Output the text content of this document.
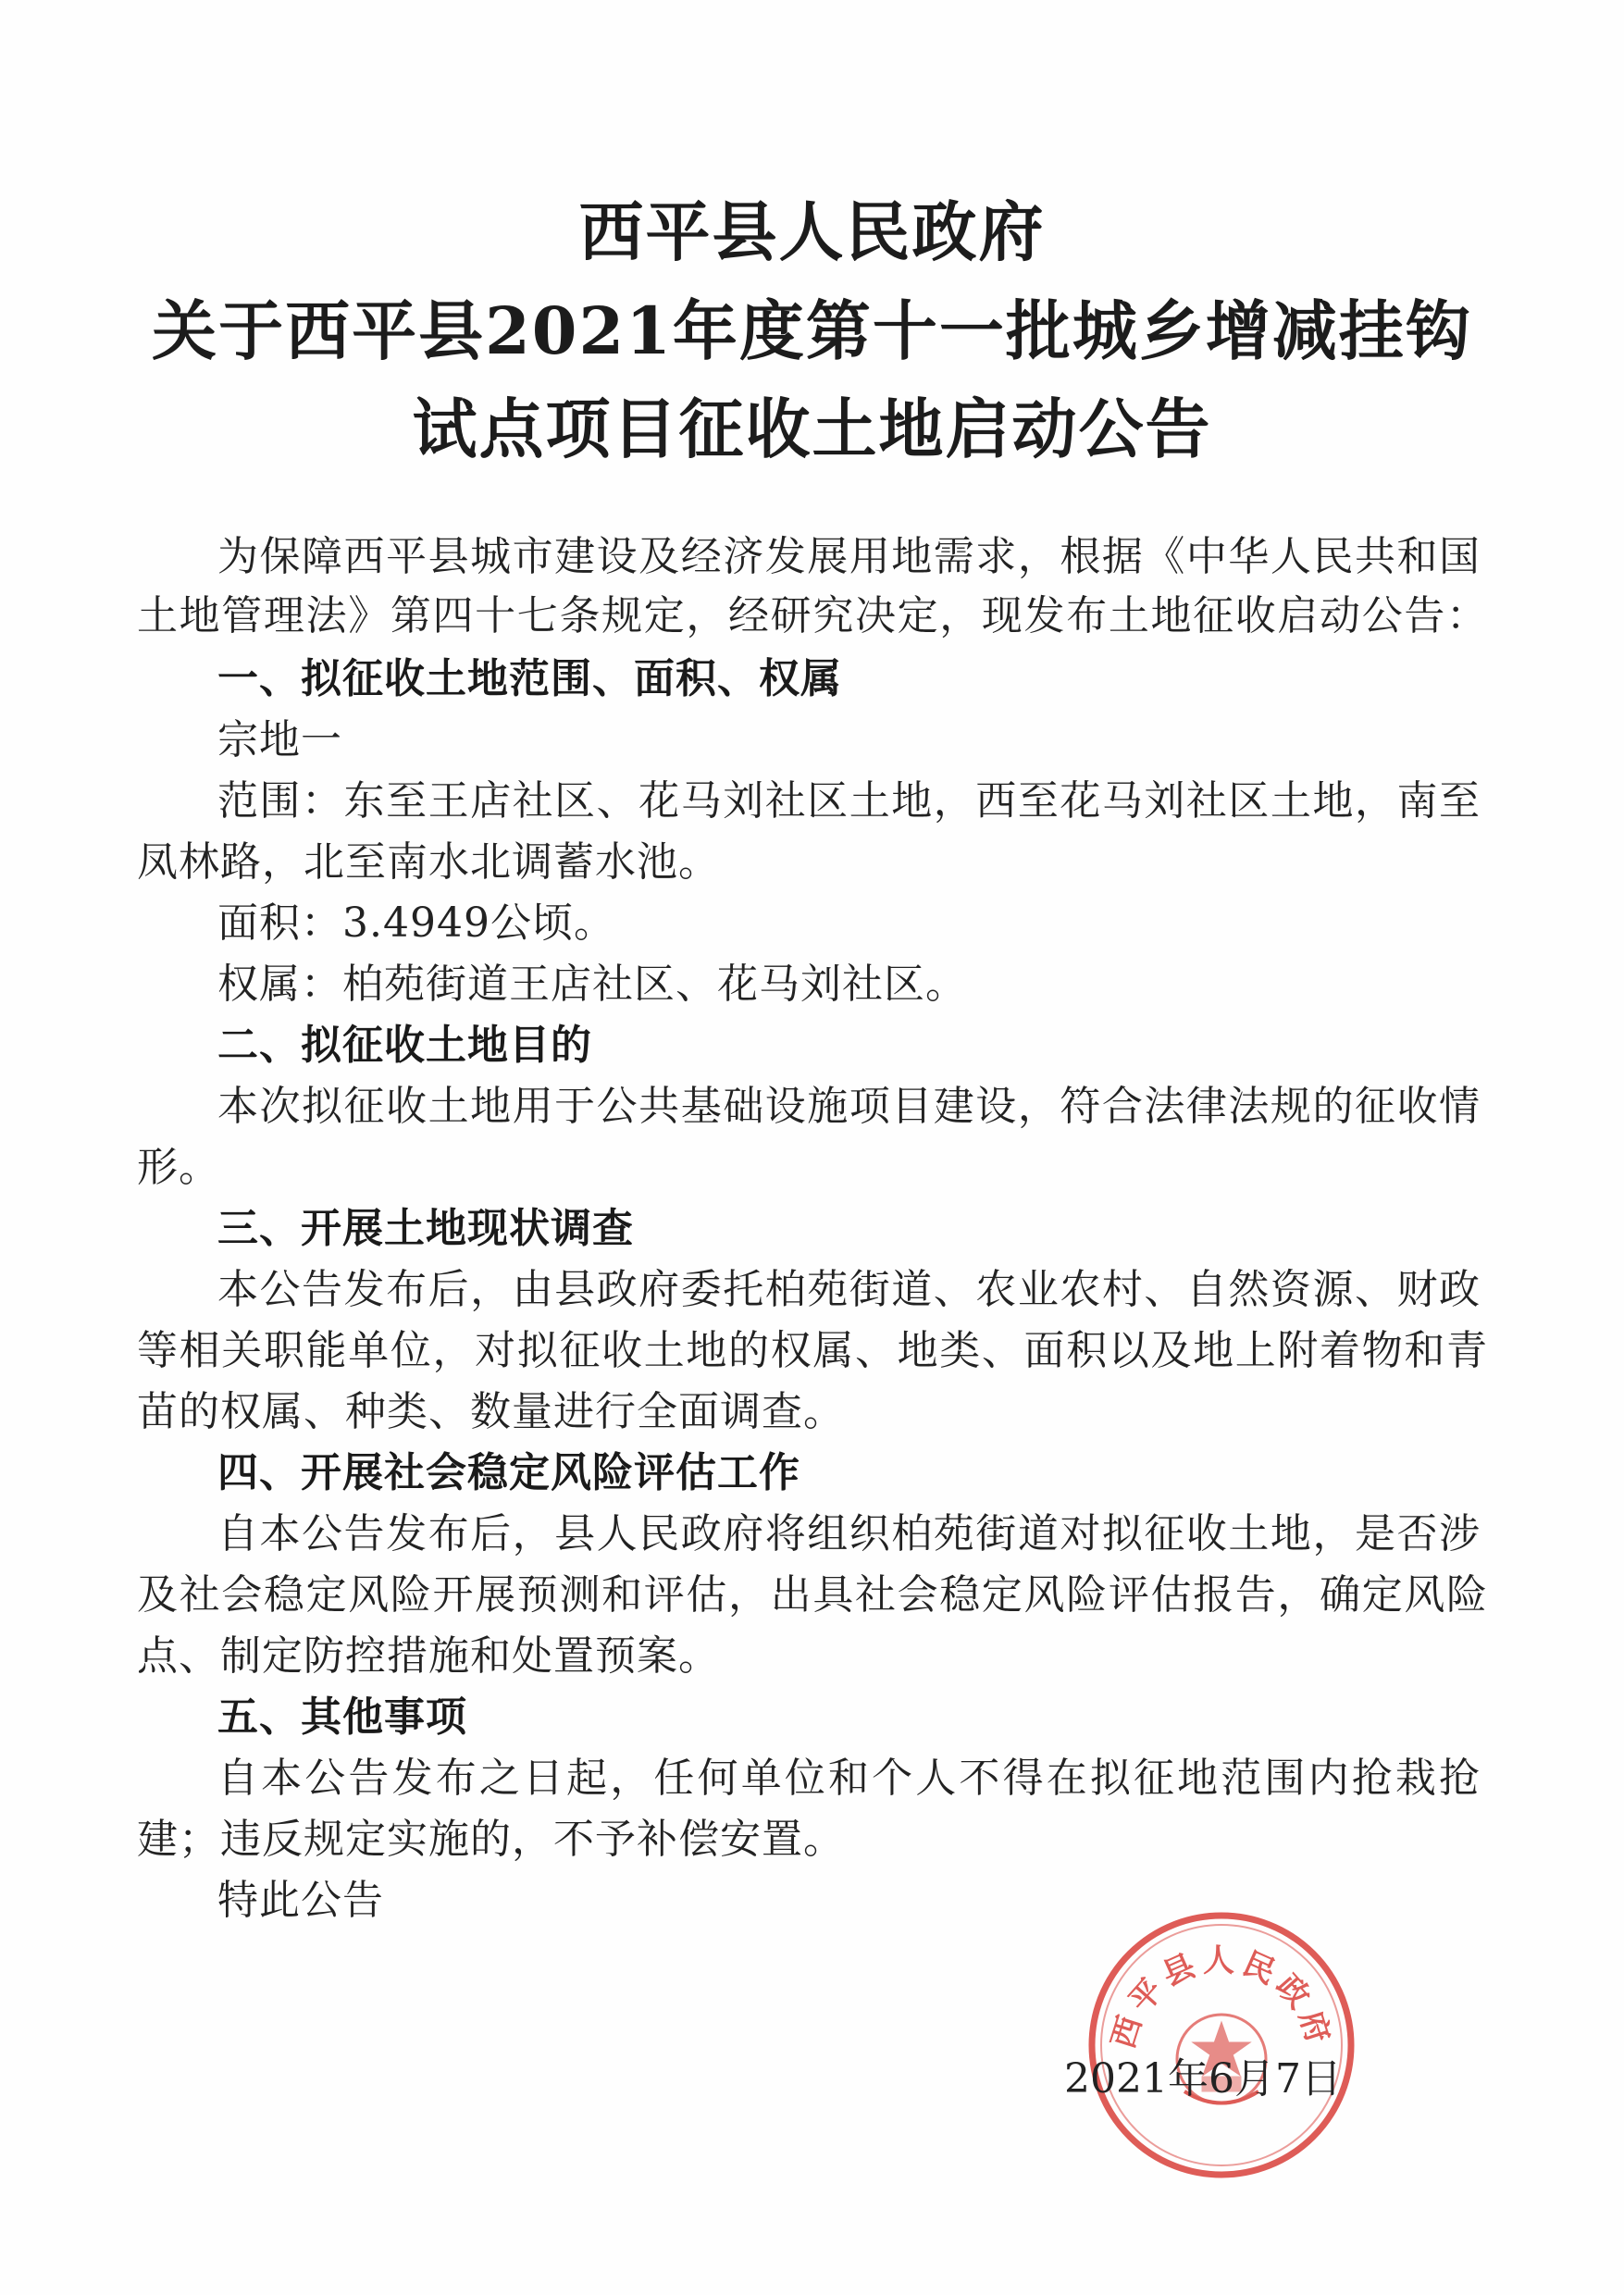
西平县人民政府
关于西平县2021年度第十一批城乡增减挂钩
试点项目征收土地启动公告
为保障西平县城市建设及经济发展用地需求，根据《中华人民共和国
土地管理法》第四十七条规定，经研究决定，现发布土地征收启动公告：
一、拟征收土地范围、面积、权属
宗地一
范围：东至王店社区、花马刘社区土地，西至花马刘社区土地，南至
凤林路，北至南水北调蓄水池。
面积：3.4949公顷。
权属：柏苑街道王店社区、花马刘社区。
二、拟征收土地目的
本次拟征收土地用于公共基础设施项目建设，符合法律法规的征收情
形。
三、开展土地现状调查
本公告发布后，由县政府委托柏苑街道、农业农村、自然资源、财政
等相关职能单位，对拟征收土地的权属、地类、面积以及地上附着物和青
苗的权属、种类、数量进行全面调查。
四、开展社会稳定风险评估工作
自本公告发布后，县人民政府将组织柏苑街道对拟征收土地，是否涉
及社会稳定风险开展预测和评估，出具社会稳定风险评估报告，确定风险
点、制定防控措施和处置预案。
五、其他事项
自本公告发布之日起，任何单位和个人不得在拟征地范围内抢栽抢
建；违反规定实施的，不予补偿安置。
特此公告
西平县人民政府
2021年6月7日
